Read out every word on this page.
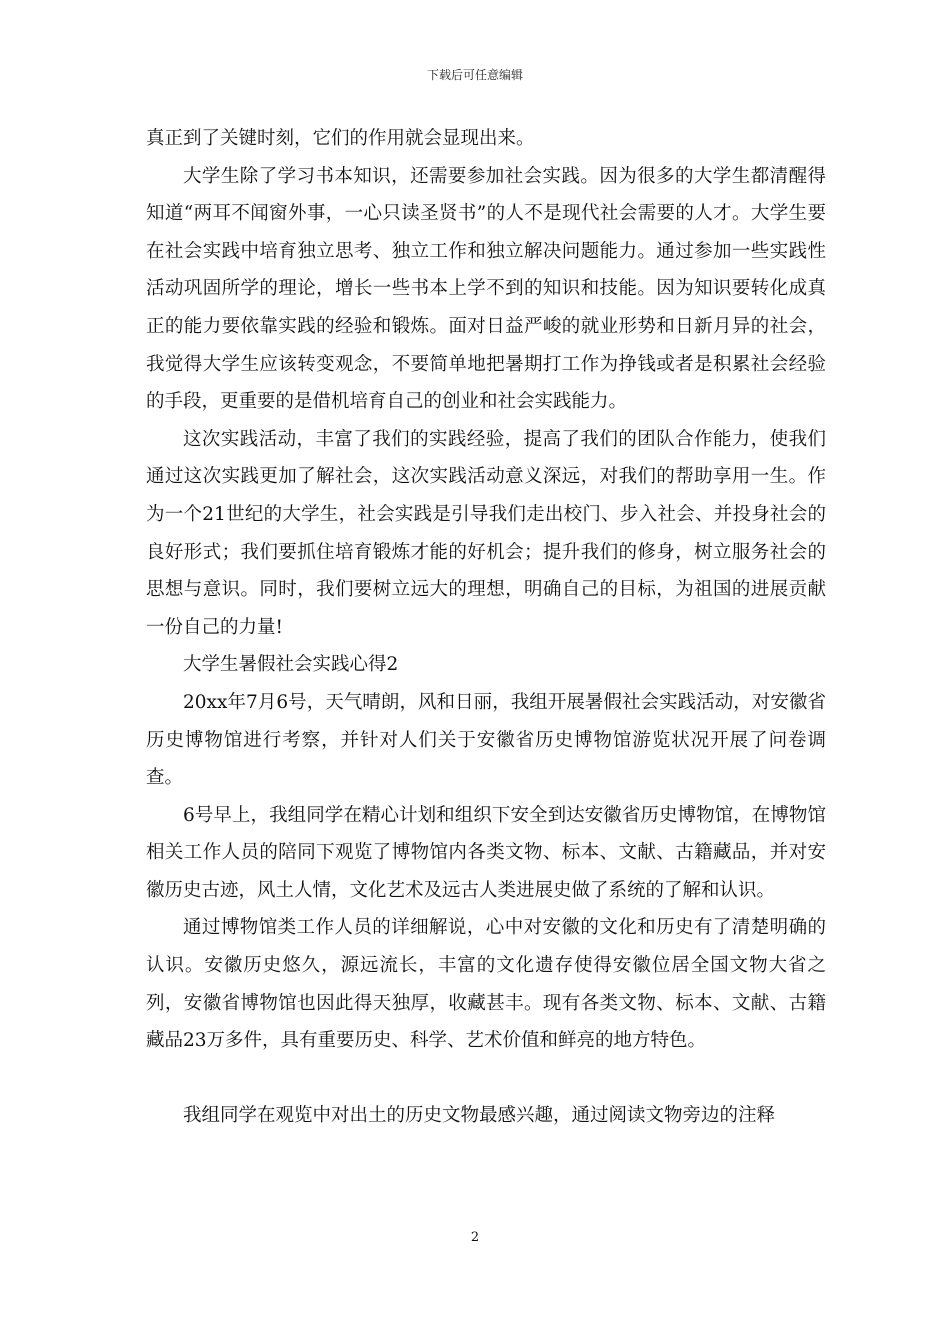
下载后可任意编辑

真正到了关键时刻，它们的作用就会显现出来。

大学生除了学习书本知识，还需要参加社会实践。因为很多的大学生都清醒得知道“两耳不闻窗外事，一心只读圣贤书”的人不是现代社会需要的人才。大学生要在社会实践中培育独立思考、独立工作和独立解决问题能力。通过参加一些实践性活动巩固所学的理论，增长一些书本上学不到的知识和技能。因为知识要转化成真正的能力要依靠实践的经验和锻炼。面对日益严峻的就业形势和日新月异的社会，我觉得大学生应该转变观念，不要简单地把暑期打工作为挣钱或者是积累社会经验的手段，更重要的是借机培育自己的创业和社会实践能力。

这次实践活动，丰富了我们的实践经验，提高了我们的团队合作能力，使我们通过这次实践更加了解社会，这次实践活动意义深远，对我们的帮助享用一生。作为一个21世纪的大学生，社会实践是引导我们走出校门、步入社会、并投身社会的良好形式；我们要抓住培育锻炼才能的好机会；提升我们的修身，树立服务社会的思想与意识。同时，我们要树立远大的理想，明确自己的目标，为祖国的进展贡献一份自己的力量!

大学生暑假社会实践心得2

20xx年7月6号，天气晴朗，风和日丽，我组开展暑假社会实践活动，对安徽省历史博物馆进行考察，并针对人们关于安徽省历史博物馆游览状况开展了问卷调查。

6号早上，我组同学在精心计划和组织下安全到达安徽省历史博物馆，在博物馆相关工作人员的陪同下观览了博物馆内各类文物、标本、文献、古籍藏品，并对安徽历史古迹，风土人情，文化艺术及远古人类进展史做了系统的了解和认识。

通过博物馆类工作人员的详细解说，心中对安徽的文化和历史有了清楚明确的认识。安徽历史悠久，源远流长，丰富的文化遗存使得安徽位居全国文物大省之列，安徽省博物馆也因此得天独厚，收藏甚丰。现有各类文物、标本、文献、古籍藏品23万多件，具有重要历史、科学、艺术价值和鲜亮的地方特色。

我组同学在观览中对出土的历史文物最感兴趣，通过阅读文物旁边的注释

2
